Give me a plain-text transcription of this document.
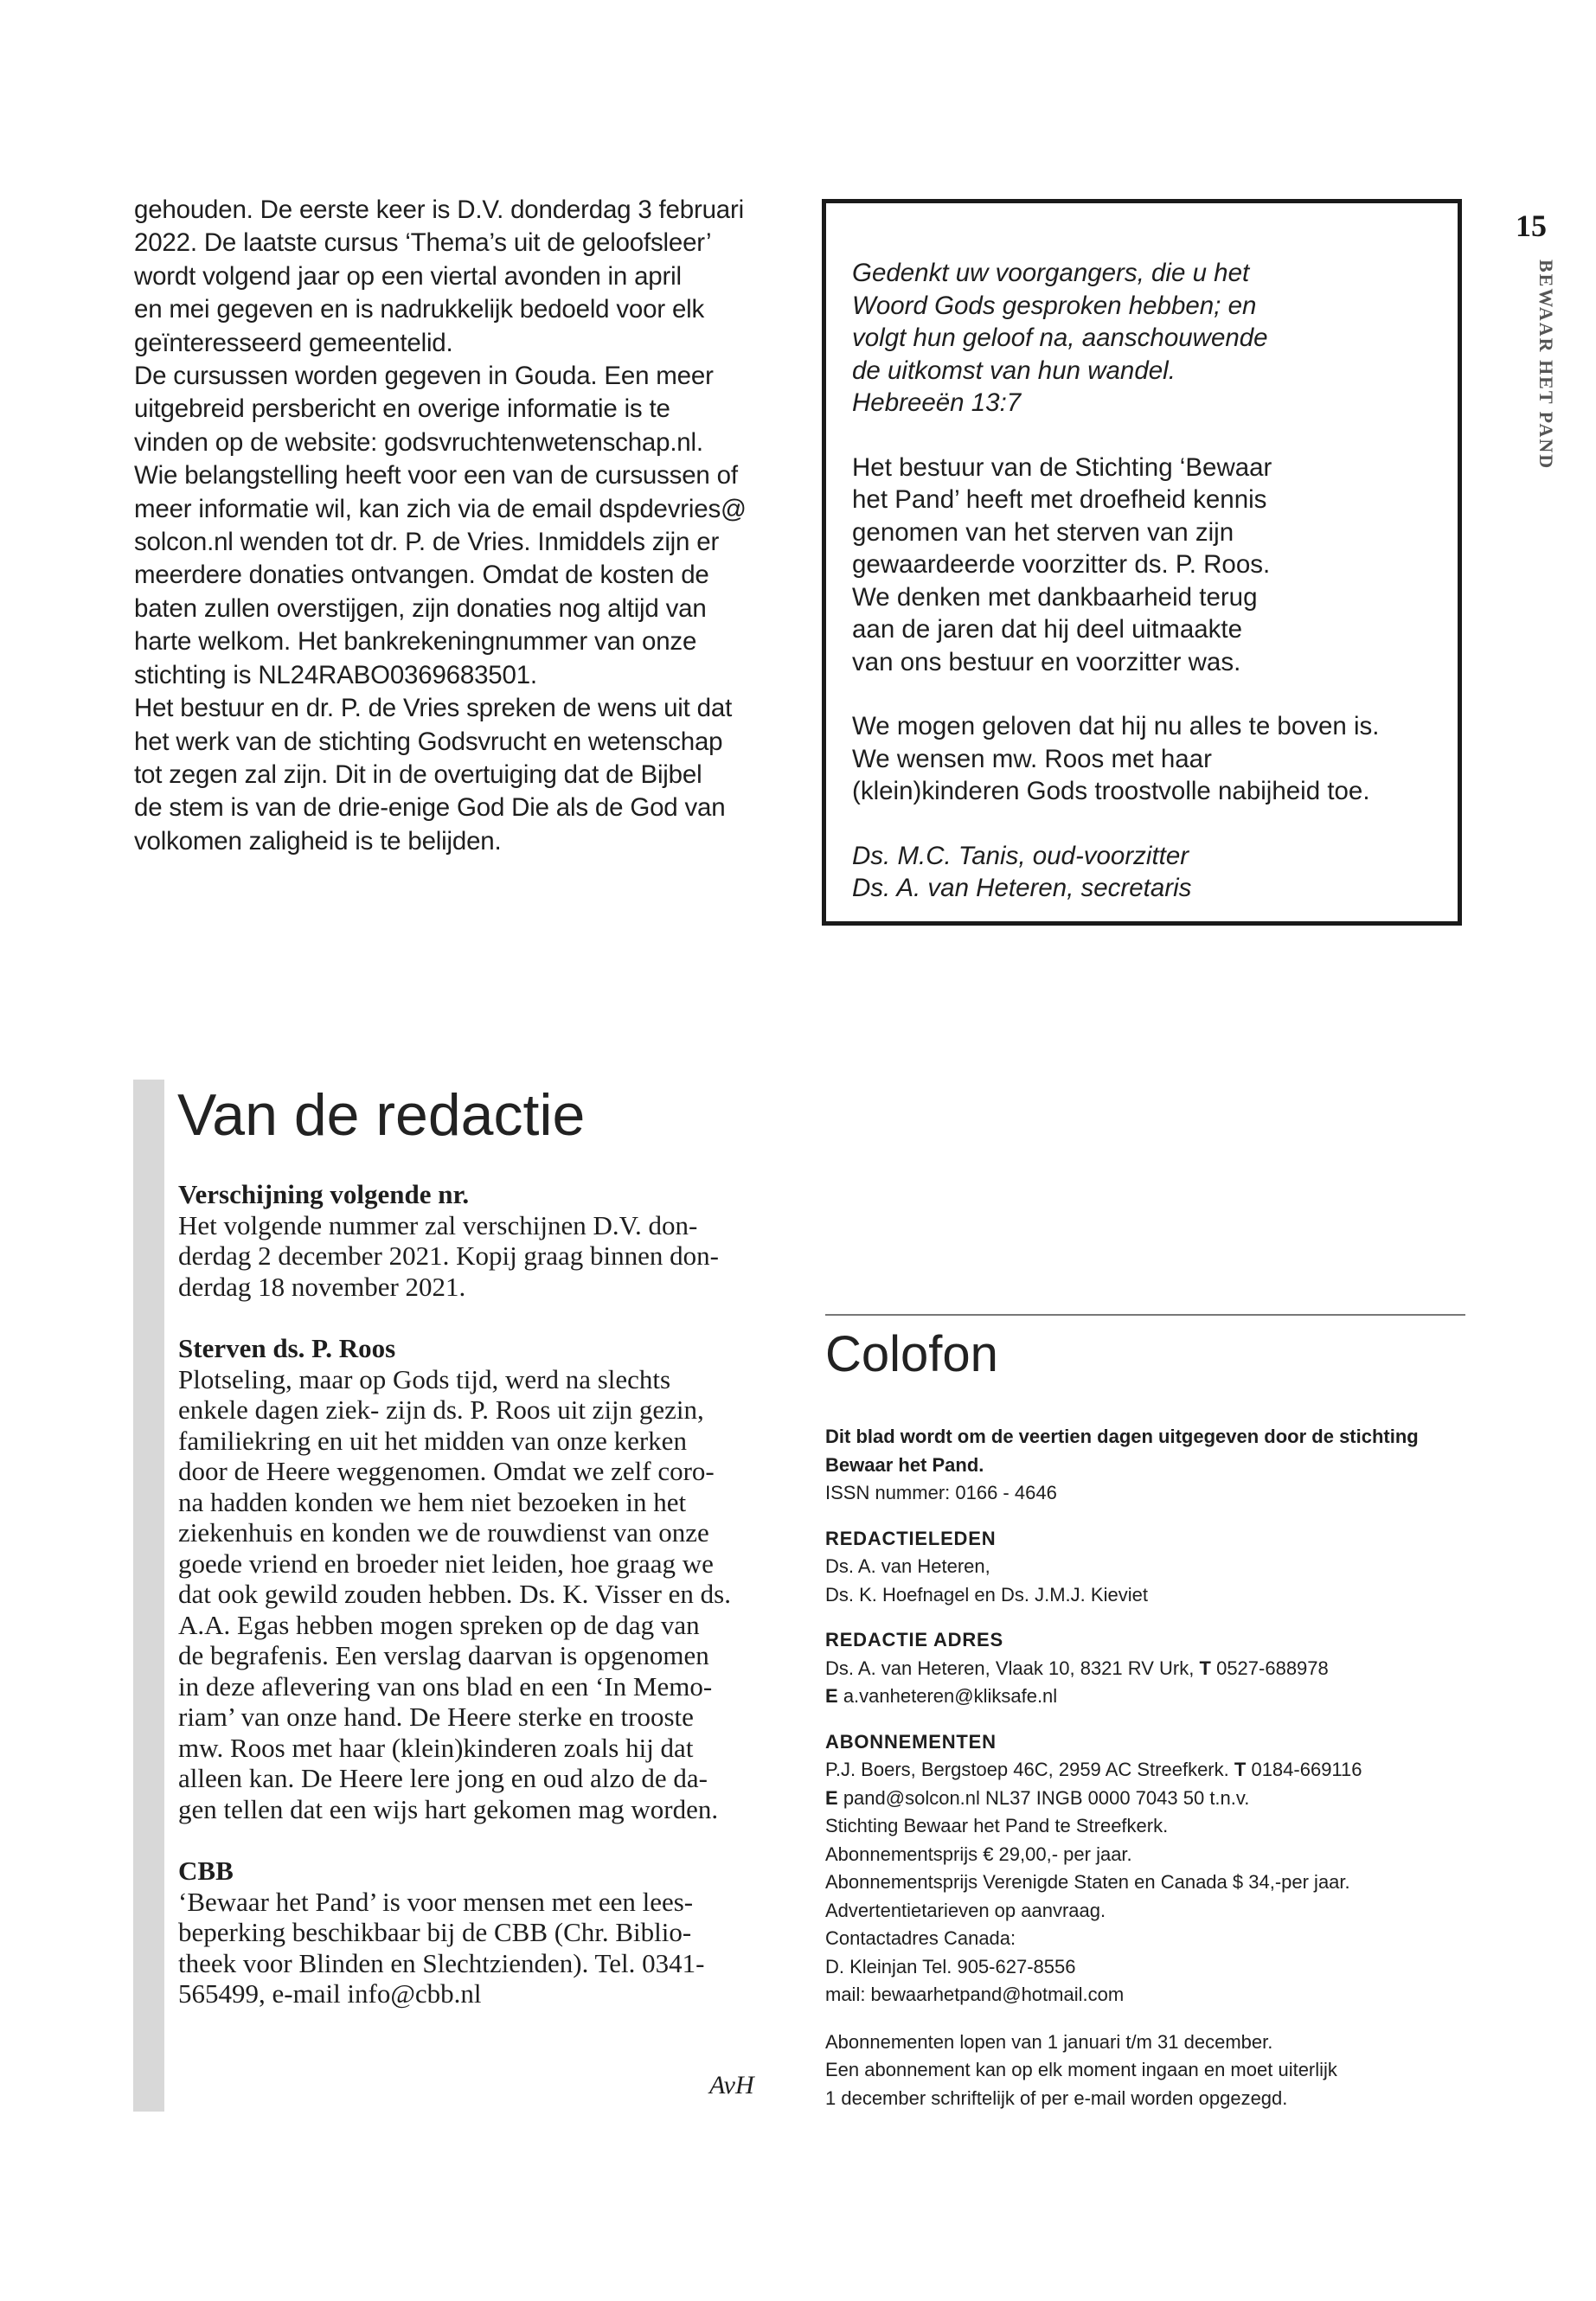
15
BEWAAR HET PAND

gehouden. De eerste keer is D.V. donderdag 3 februari

2022. De laatste cursus ‘Thema’s uit de geloofsleer’

wordt volgend jaar op een viertal avonden in april

en mei gegeven en is nadrukkelijk bedoeld voor elk

geïnteresseerd gemeentelid.

De cursussen worden gegeven in Gouda. Een meer

uitgebreid persbericht en overige informatie is te

vinden op de website: godsvruchtenwetenschap.nl.

Wie belangstelling heeft voor een van de cursussen of

meer informatie wil, kan zich via de email dspdevries@

solcon.nl wenden tot dr. P. de Vries. Inmiddels zijn er

meerdere donaties ontvangen. Omdat de kosten de

baten zullen overstijgen, zijn donaties nog altijd van

harte welkom. Het bankrekeningnummer van onze

stichting is NL24RABO0369683501.

Het bestuur en dr. P. de Vries spreken de wens uit dat

het werk van de stichting Godsvrucht en wetenschap

tot zegen zal zijn. Dit in de overtuiging dat de Bijbel

de stem is van de drie-enige God Die als de God van

volkomen zaligheid is te belijden.

Gedenkt uw voorgangers, die u het

Woord Gods gesproken hebben; en

volgt hun geloof na, aanschouwende

de uitkomst van hun wandel.

Hebreeën 13:7

Het bestuur van de Stichting ‘Bewaar

het Pand’ heeft met droefheid kennis

genomen van het sterven van zijn

gewaardeerde voorzitter ds. P. Roos.

We denken met dankbaarheid terug

aan de jaren dat hij deel uitmaakte

van ons bestuur en voorzitter was.

We mogen geloven dat hij nu alles te boven is.

We wensen mw. Roos met haar

(klein)kinderen Gods troostvolle nabijheid toe.

Ds. M.C. Tanis, oud-voorzitter

Ds. A. van Heteren, secretaris

Van de redactie
Verschijning volgende nr.

Het volgende nummer zal verschijnen D.V. don-

derdag 2 december 2021. Kopij graag binnen don-

derdag 18 november 2021.

Sterven ds. P. Roos

Plotseling, maar op Gods tijd, werd na slechts

enkele dagen ziek- zijn ds. P. Roos uit zijn gezin,

familiekring en uit het midden van onze kerken

door de Heere weggenomen. Omdat we zelf coro-

na hadden konden we hem niet bezoeken in het

ziekenhuis en konden we de rouwdienst van onze

goede vriend en broeder niet leiden, hoe graag we

dat ook gewild zouden hebben. Ds. K. Visser en ds.

A.A. Egas hebben mogen spreken op de dag van

de begrafenis. Een verslag daarvan is opgenomen

in deze aflevering van ons blad en een ‘In Memo-

riam’ van onze hand. De Heere sterke en trooste

mw. Roos met haar (klein)kinderen zoals hij dat

alleen kan. De Heere lere jong en oud alzo de da-

gen tellen dat een wijs hart gekomen mag worden.

CBB

‘Bewaar het Pand’ is voor mensen met een lees-

beperking beschikbaar bij de CBB (Chr. Biblio-

theek voor Blinden en Slechtzienden). Tel. 0341-

565499, e-mail info@cbb.nl

AvH
Colofon

Dit blad wordt om de veertien dagen uitgegeven door de stichting Bewaar het Pand.

ISSN nummer: 0166 - 4646

REDACTIELEDEN

Ds. A. van Heteren,

Ds. K. Hoefnagel en Ds. J.M.J. Kieviet

REDACTIE ADRES

Ds. A. van Heteren, Vlaak 10, 8321 RV Urk, T 0527-688978

E a.vanheteren@kliksafe.nl

ABONNEMENTEN

P.J. Boers, Bergstoep 46C, 2959 AC Streefkerk. T 0184-669116

E pand@solcon.nl NL37 INGB 0000 7043 50 t.n.v.

Stichting Bewaar het Pand te Streefkerk.

Abonnementsprijs € 29,00,- per jaar.

Abonnementsprijs Verenigde Staten en Canada $ 34,-per jaar.

Advertentietarieven op aanvraag.

Contactadres Canada:

D. Kleinjan Tel. 905-627-8556

mail: bewaarhetpand@hotmail.com

Abonnementen lopen van 1 januari t/m 31 december.

Een abonnement kan op elk moment ingaan en moet uiterlijk

1 december schriftelijk of per e-mail worden opgezegd.
